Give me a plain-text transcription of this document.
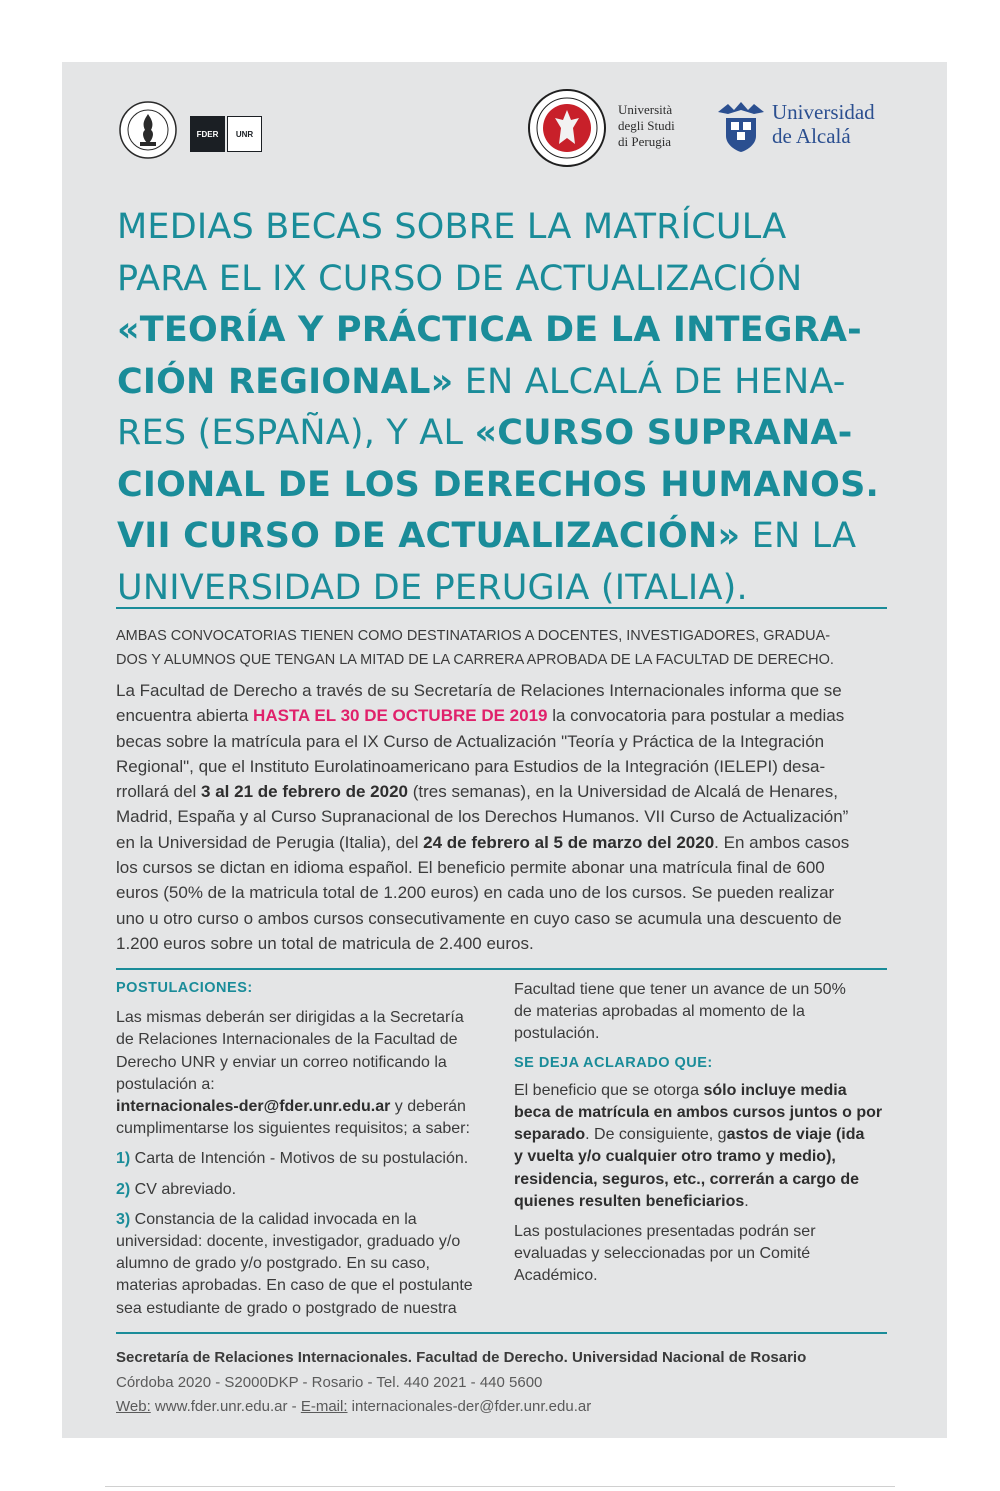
FDER	UNR
Università
degli Studi
di Perugia
Universidad
de Alcalá
MEDIAS BECAS SOBRE LA MATRÍCULA
PARA EL IX CURSO DE ACTUALIZACIÓN
«TEORÍA Y PRÁCTICA DE LA INTEGRA-
CIÓN REGIONAL» EN ALCALÁ DE HENA-
RES (ESPAÑA), Y AL «CURSO SUPRANA-
CIONAL DE LOS DERECHOS HUMANOS.
VII CURSO DE ACTUALIZACIÓN» EN LA
UNIVERSIDAD DE PERUGIA (ITALIA).
AMBAS CONVOCATORIAS TIENEN COMO DESTINATARIOS A DOCENTES, INVESTIGADORES, GRADUA-
DOS Y ALUMNOS QUE TENGAN LA MITAD DE LA CARRERA APROBADA DE LA FACULTAD DE DERECHO.
La Facultad de Derecho a través de su Secretaría de Relaciones Internacionales informa que se
encuentra abierta HASTA EL 30 DE OCTUBRE DE 2019 la convocatoria para postular a medias
becas sobre la matrícula para el IX Curso de Actualización "Teoría y Práctica de la Integración
Regional", que el Instituto Eurolatinoamericano para Estudios de la Integración (IELEPI) desa-
rrollará del 3 al 21 de febrero de 2020 (tres semanas), en la Universidad de Alcalá de Henares,
Madrid, España y al Curso Supranacional de los Derechos Humanos. VII Curso de Actualización”
en la Universidad de Perugia (Italia), del 24 de febrero al 5 de marzo del 2020. En ambos casos
los cursos se dictan en idioma español. El beneficio permite abonar una matrícula final de 600
euros (50% de la matricula total de 1.200 euros) en cada uno de los cursos. Se pueden realizar
uno u otro curso o ambos cursos consecutivamente en cuyo caso se acumula una descuento de
1.200 euros sobre un total de matricula de 2.400 euros.
POSTULACIONES:
Las mismas deberán ser dirigidas a la Secretaría
de Relaciones Internacionales de la Facultad de
Derecho UNR y enviar un correo notificando la
postulación a:
internacionales-der@fder.unr.edu.ar y deberán
cumplimentarse los siguientes requisitos; a saber:
1) Carta de Intención - Motivos de su postulación.
2) CV abreviado.
3) Constancia de la calidad invocada en la
universidad: docente, investigador, graduado y/o
alumno de grado y/o postgrado. En su caso,
materias aprobadas. En caso de que el postulante
sea estudiante de grado o postgrado de nuestra
Facultad tiene que tener un avance de un 50%
de materias aprobadas al momento de la
postulación.
SE DEJA ACLARADO QUE:
El beneficio que se otorga sólo incluye media
beca de matrícula en ambos cursos juntos o por
separado. De consiguiente, gastos de viaje (ida
y vuelta y/o cualquier otro tramo y medio),
residencia, seguros, etc., correrán a cargo de
quienes resulten beneficiarios.
Las postulaciones presentadas podrán ser
evaluadas y seleccionadas por un Comité
Académico.
Secretaría de Relaciones Internacionales. Facultad de Derecho. Universidad Nacional de Rosario
Córdoba 2020 - S2000DKP - Rosario - Tel. 440 2021 - 440 5600
Web: www.fder.unr.edu.ar - E-mail: internacionales-der@fder.unr.edu.ar
